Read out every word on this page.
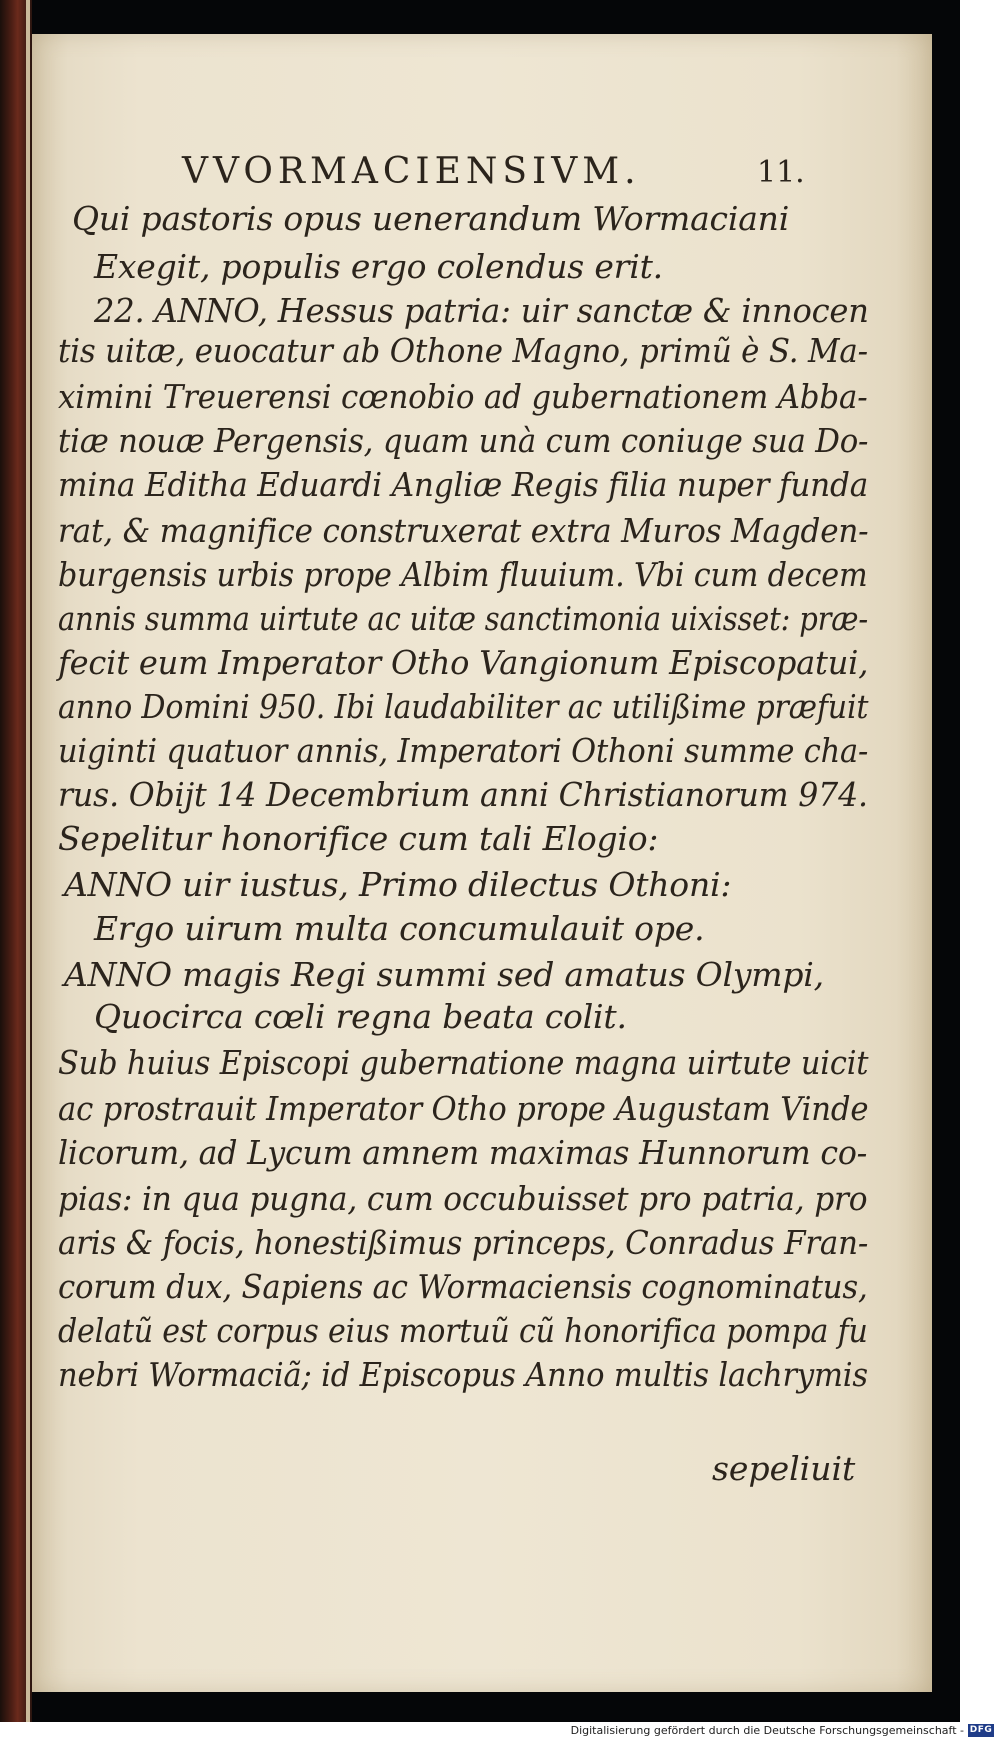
VVORMACIENSIVM.	11.
Qui pastoris opus uenerandum Wormaciani
Exegit, populis ergo colendus erit.
22. ANNO, Hessus patria: uir sanctæ & innocen
tis uitæ, euocatur ab Othone Magno, primũ è S. Ma-
ximini Treuerensi cœnobio ad gubernationem Abba-
tiæ nouæ Pergensis, quam unà cum coniuge sua Do-
mina Editha Eduardi Angliæ Regis filia nuper funda
rat, & magnifice construxerat extra Muros Magden-
burgensis urbis prope Albim fluuium. Vbi cum decem
annis summa uirtute ac uitæ sanctimonia uixisset: præ-
fecit eum Imperator Otho Vangionum Episcopatui,
anno Domini 950. Ibi laudabiliter ac utilißime præfuit
uiginti quatuor annis, Imperatori Othoni summe cha-
rus. Obijt 14 Decembrium anni Christianorum 974.
Sepelitur honorifice cum tali Elogio:
ANNO uir iustus, Primo dilectus Othoni:
Ergo uirum multa concumulauit ope.
ANNO magis Regi summi sed amatus Olympi,
Quocirca cœli regna beata colit.
Sub huius Episcopi gubernatione magna uirtute uicit
ac prostrauit Imperator Otho prope Augustam Vinde
licorum, ad Lycum amnem maximas Hunnorum co-
pias: in qua pugna, cum occubuisset pro patria, pro
aris & focis, honestißimus princeps, Conradus Fran-
corum dux, Sapiens ac Wormaciensis cognominatus,
delatũ est corpus eius mortuũ cũ honorifica pompa fu
nebri Wormaciã; id Episcopus Anno multis lachrymis
sepeliuit
Digitalisierung gefördert durch die Deutsche Forschungsgemeinschaft - DFG
